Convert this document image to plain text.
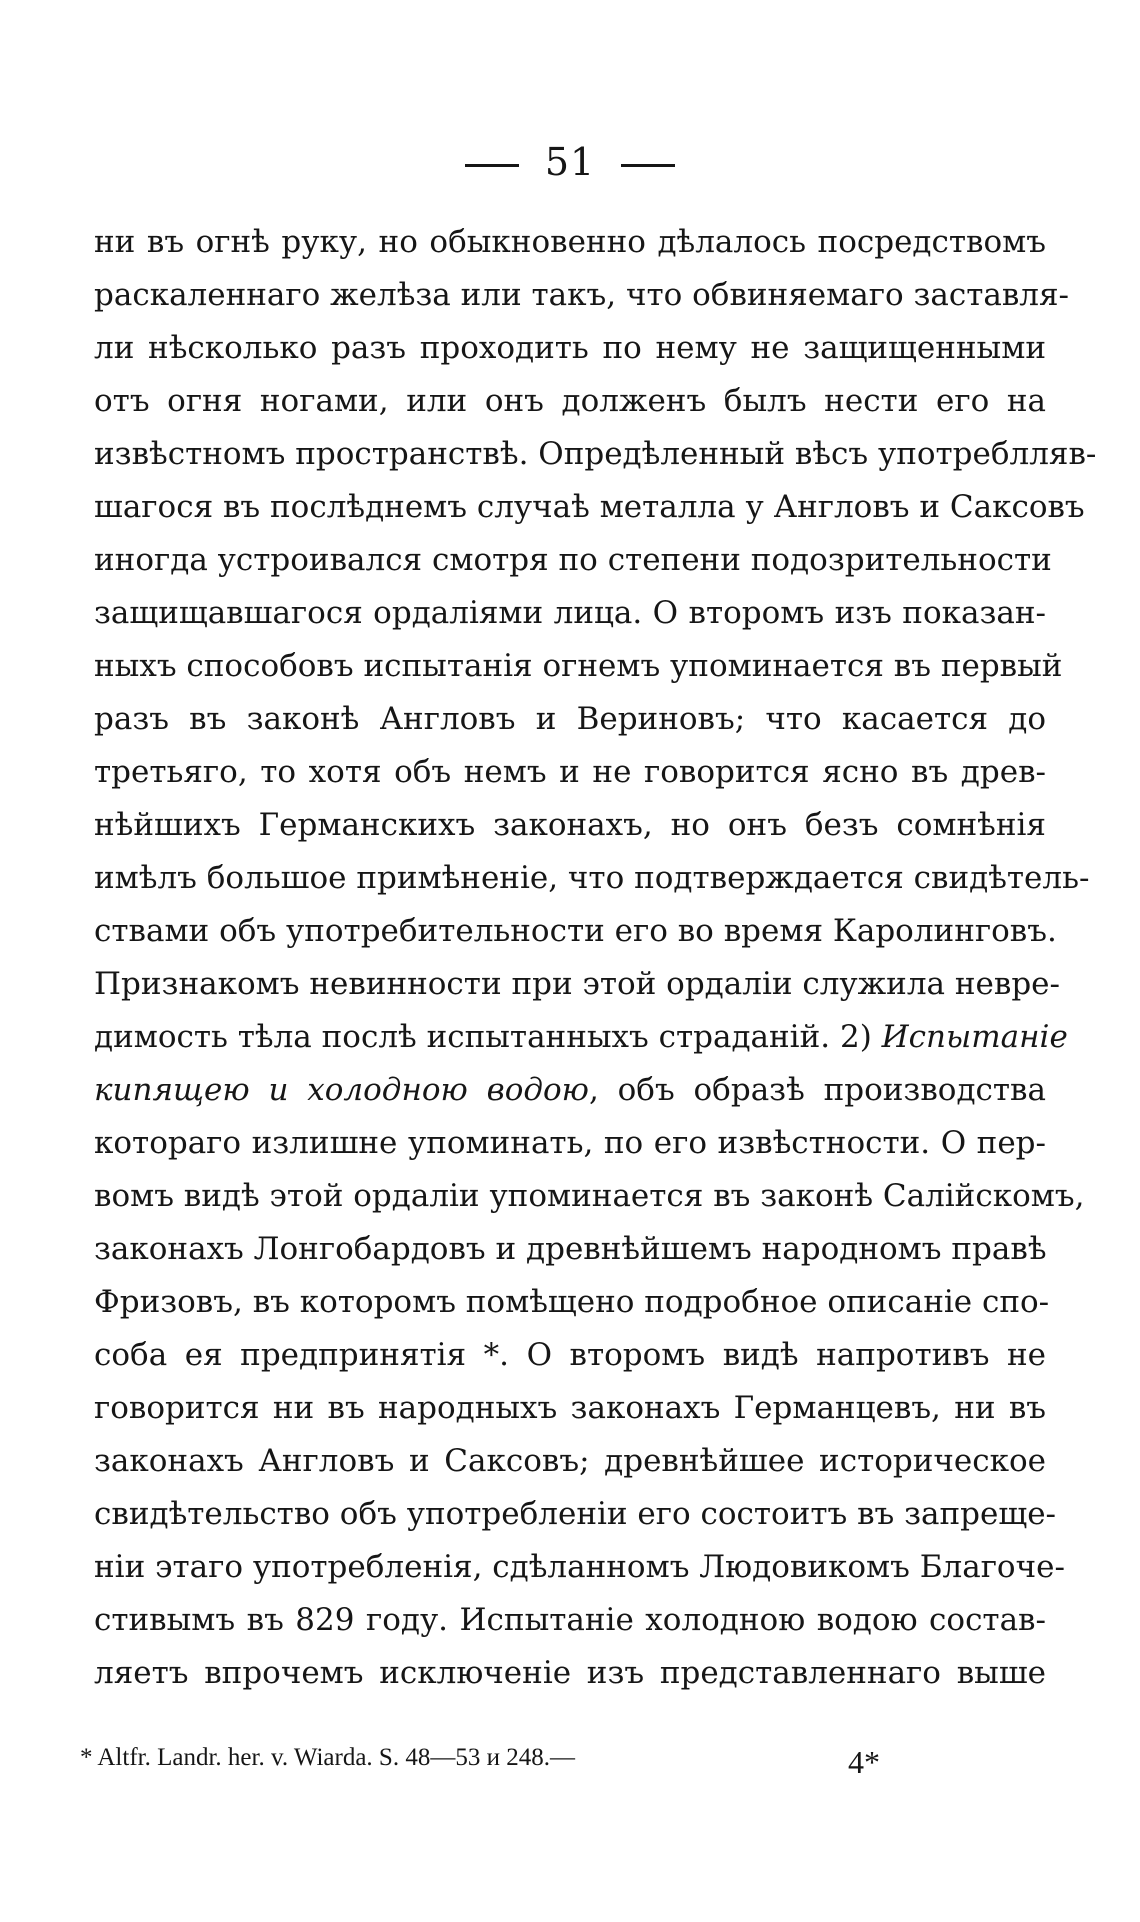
51
ни въ огнѣ руку, но обыкновенно дѣлалось посредствомъ
раскаленнаго желѣза или такъ, что обвиняемаго заставля-
ли нѣсколько разъ проходить по нему не защищенными
отъ огня ногами, или онъ долженъ былъ нести его на
извѣстномъ пространствѣ. Опредѣленный вѣсъ употреблляв-
шагося въ послѣднемъ случаѣ металла у Англовъ и Саксовъ
иногда устроивался смотря по степени подозрительности
защищавшагося ордаліями лица. О второмъ изъ показан-
ныхъ способовъ испытанія огнемъ упоминается въ первый
разъ въ законѣ Англовъ и Вериновъ; что касается до
третьяго, то хотя объ немъ и не говорится ясно въ древ-
нѣйшихъ Германскихъ законахъ, но онъ безъ сомнѣнія
имѣлъ большое примѣненіе, что подтверждается свидѣтель-
ствами объ употребительности его во время Каролинговъ.
Признакомъ невинности при этой ордаліи служила невре-
димость тѣла послѣ испытанныхъ страданій. 2) Испытаніе
кипящею и холодною водою, объ образѣ производства
котораго излишне упоминать, по его извѣстности. О пер-
вомъ видѣ этой ордаліи упоминается въ законѣ Салійскомъ,
законахъ Лонгобардовъ и древнѣйшемъ народномъ правѣ
Фризовъ, въ которомъ помѣщено подробное описаніе спо-
соба ея предпринятія *. О второмъ видѣ напротивъ не
говорится ни въ народныхъ законахъ Германцевъ, ни въ
законахъ Англовъ и Саксовъ; древнѣйшее историческое
свидѣтельство объ употребленіи его состоитъ въ запреще-
ніи этаго употребленія, сдѣланномъ Людовикомъ Благоче-
стивымъ въ 829 году. Испытаніе холодною водою состав-
ляетъ впрочемъ исключеніе изъ представленнаго выше
* Altfr. Landr. her. v. Wiarda. S. 48—53 и 248.—	4*
